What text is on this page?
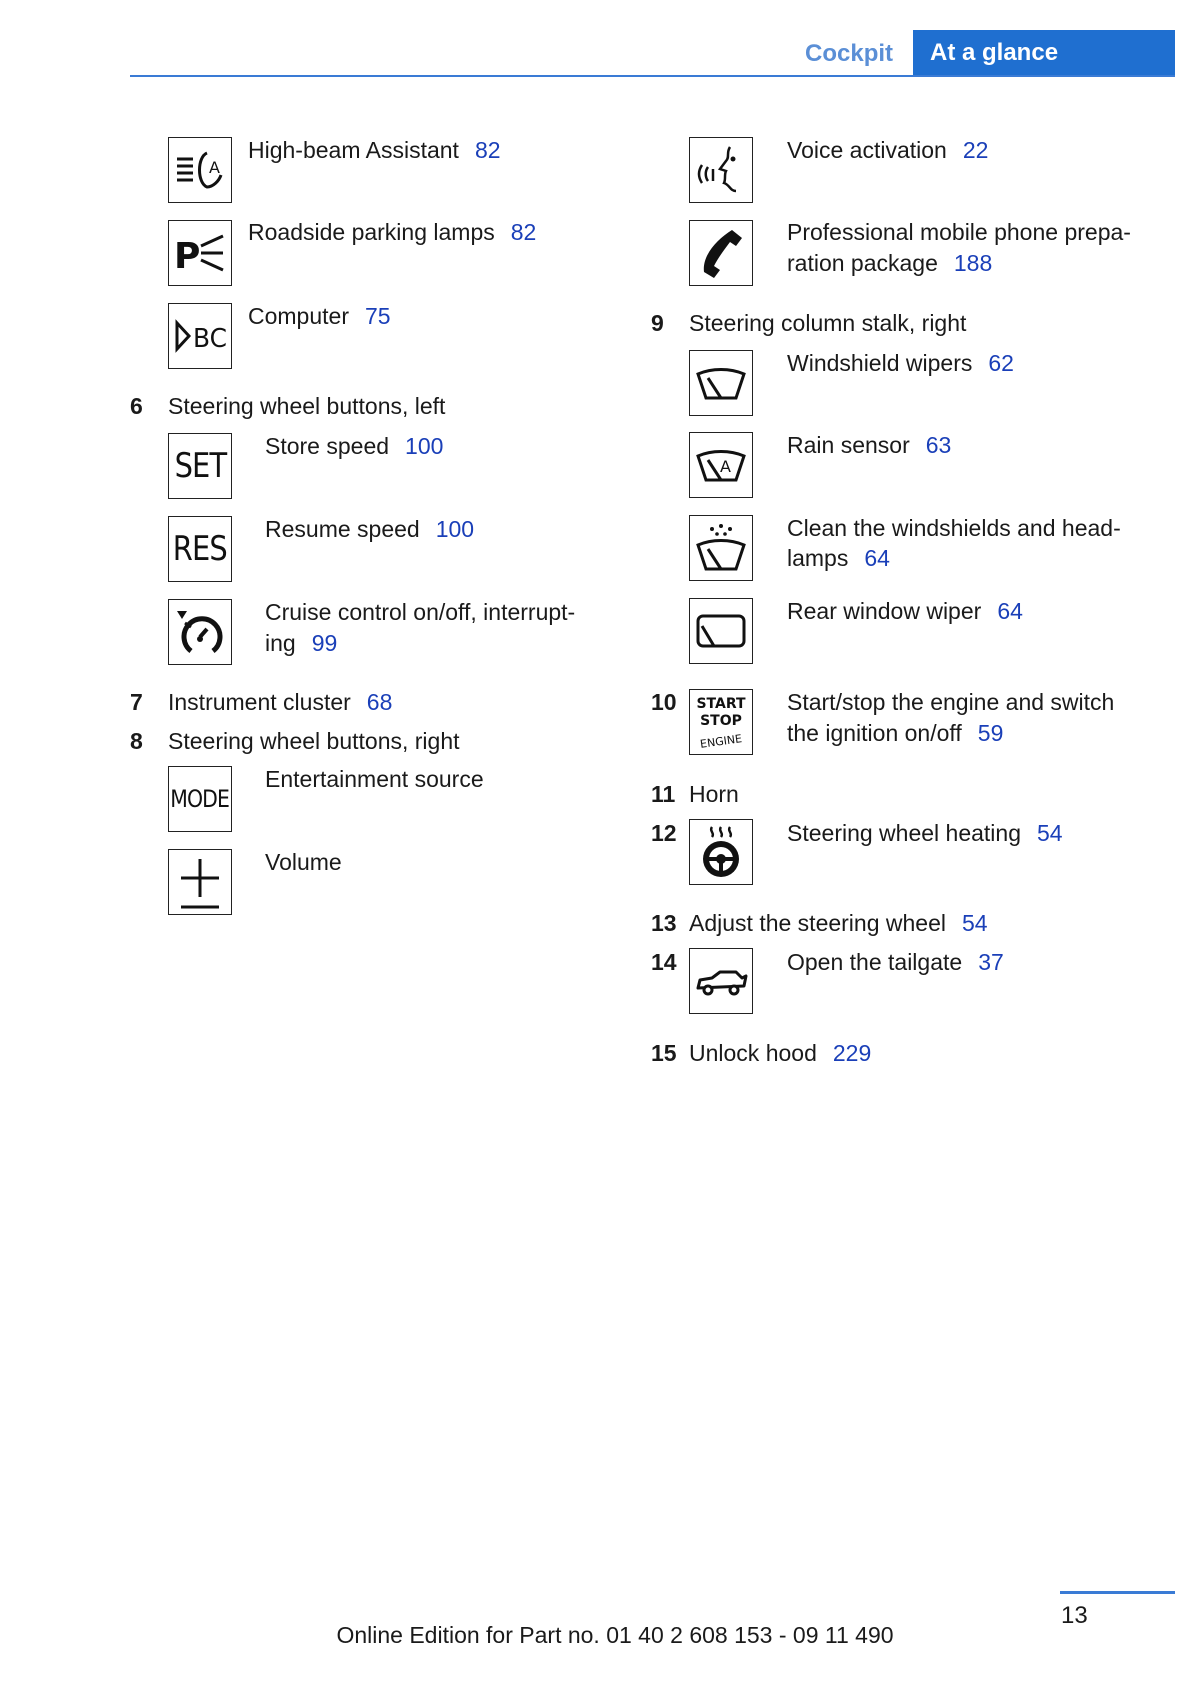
Cockpit	At a glance
A
High-beam Assistant 82
P
Roadside parking lamps 82
BC
Computer 75
6 Steering wheel buttons, left
SET Store speed 100
RES Resume speed 100
Cruise control on/off, interrupt-
ing 99
7 Instrument cluster 68
8 Steering wheel buttons, right
MODE
Entertainment source
Volume
Voice activation 22
Professional mobile phone prepa-
ration package 188
9 Steering column stalk, right
Windshield wipers 62
A
Rain sensor 63
Clean the windshields and head-
lamps 64
Rear window wiper 64
10 START
STOP
ENGINE
Start/stop the engine and switch
the ignition on/off 59
11 Horn
12	Steering wheel heating 54
13 Adjust the steering wheel 54
14	Open the tailgate 37
15 Unlock hood 229
13
Online Edition for Part no. 01 40 2 608 153 - 09 11 490
